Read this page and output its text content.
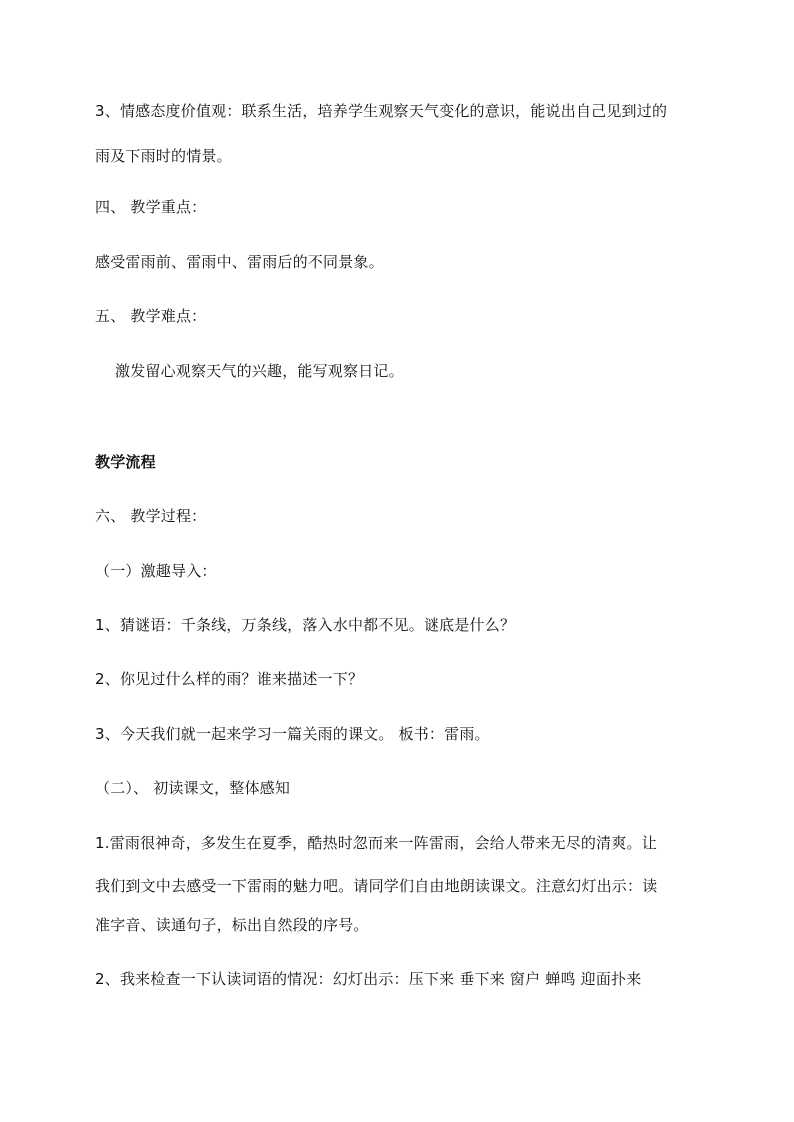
3、情感态度价值观：联系生活，培养学生观察天气变化的意识，能说出自己见到过的
雨及下雨时的情景。
四、 教学重点：
感受雷雨前、雷雨中、雷雨后的不同景象。
五、 教学难点：
激发留心观察天气的兴趣，能写观察日记。
教学流程
六、 教学过程：
（一）激趣导入：
1、猜谜语：千条线，万条线，落入水中都不见。谜底是什么？
2、你见过什么样的雨？谁来描述一下？
3、今天我们就一起来学习一篇关雨的课文。 板书：雷雨。
（二）、 初读课文，整体感知
1.雷雨很神奇，多发生在夏季，酷热时忽而来一阵雷雨，会给人带来无尽的清爽。让
我们到文中去感受一下雷雨的魅力吧。请同学们自由地朗读课文。注意幻灯出示：读
准字音、读通句子，标出自然段的序号。
2、我来检查一下认读词语的情况：幻灯出示：压下来 垂下来 窗户 蝉鸣 迎面扑来
